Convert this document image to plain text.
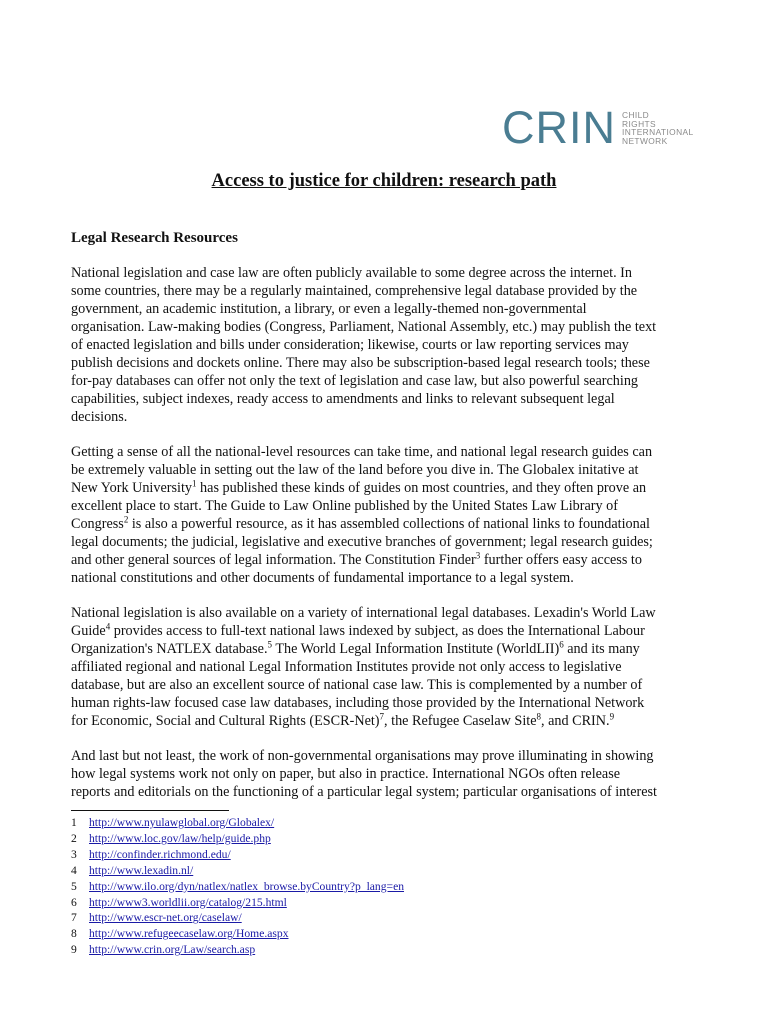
CRIN CHILD
RIGHTS
INTERNATIONAL
NETWORK
Access to justice for children: research path
Legal Research Resources

National legislation and case law are often publicly available to some degree across the internet. In
some countries, there may be a regularly maintained, comprehensive legal database provided by the
government, an academic institution, a library, or even a legally-themed non-governmental
organisation. Law-making bodies (Congress, Parliament, National Assembly, etc.) may publish the text
of enacted legislation and bills under consideration; likewise, courts or law reporting services may
publish decisions and dockets online. There may also be subscription-based legal research tools; these
for-pay databases can offer not only the text of legislation and case law, but also powerful searching
capabilities, subject indexes, ready access to amendments and links to relevant subsequent legal
decisions.

Getting a sense of all the national-level resources can take time, and national legal research guides can
be extremely valuable in setting out the law of the land before you dive in. The Globalex initative at
New York University$^1$ has published these kinds of guides on most countries, and they often prove an
excellent place to start. The Guide to Law Online published by the United States Law Library of
Congress$^2$ is also a powerful resource, as it has assembled collections of national links to foundational
legal documents; the judicial, legislative and executive branches of government; legal research guides;
and other general sources of legal information. The Constitution Finder$^3$ further offers easy access to
national constitutions and other documents of fundamental importance to a legal system.

National legislation is also available on a variety of international legal databases. Lexadin's World Law
Guide$^4$ provides access to full-text national laws indexed by subject, as does the International Labour
Organization's NATLEX database.$^5$ The World Legal Information Institute (WorldLII)$^6$ and its many
affiliated regional and national Legal Information Institutes provide not only access to legislative
database, but are also an excellent source of national case law. This is complemented by a number of
human rights-law focused case law databases, including those provided by the International Network
for Economic, Social and Cultural Rights (ESCR-Net)$^7$, the Refugee Caselaw Site$^8$, and CRIN.$^9$

And last but not least, the work of non-governmental organisations may prove illuminating in showing
how legal systems work not only on paper, but also in practice. International NGOs often release
reports and editorials on the functioning of a particular legal system; particular organisations of interest

1	http://www.nyulawglobal.org/Globalex/
2	http://www.loc.gov/law/help/guide.php
3	http://confinder.richmond.edu/
4	http://www.lexadin.nl/
5	http://www.ilo.org/dyn/natlex/natlex_browse.byCountry?p_lang=en
6	http://www3.worldlii.org/catalog/215.html
7	http://www.escr-net.org/caselaw/
8	http://www.refugeecaselaw.org/Home.aspx
9	http://www.crin.org/Law/search.asp
